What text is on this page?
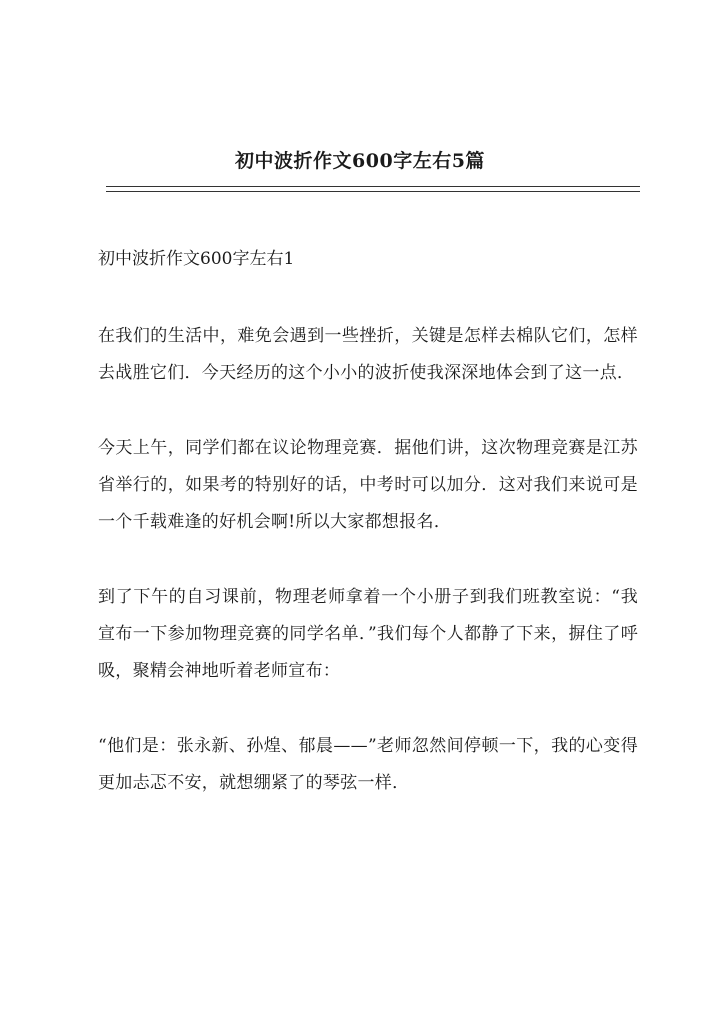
初中波折作文600字左右5篇
初中波折作文600字左右1

在我们的生活中，难免会遇到一些挫折，关键是怎样去棉队它们，怎样去战胜它们．今天经历的这个小小的波折使我深深地体会到了这一点．

今天上午，同学们都在议论物理竞赛．据他们讲，这次物理竞赛是江苏省举行的，如果考的特别好的话，中考时可以加分．这对我们来说可是一个千载难逢的好机会啊!所以大家都想报名．

到了下午的自习课前，物理老师拿着一个小册子到我们班教室说：“我宣布一下参加物理竞赛的同学名单．”我们每个人都静了下来，摒住了呼吸，聚精会神地听着老师宣布：

“他们是：张永新、孙煌、郁晨——”老师忽然间停顿一下，我的心变得更加忐忑不安，就想绷紧了的琴弦一样．
